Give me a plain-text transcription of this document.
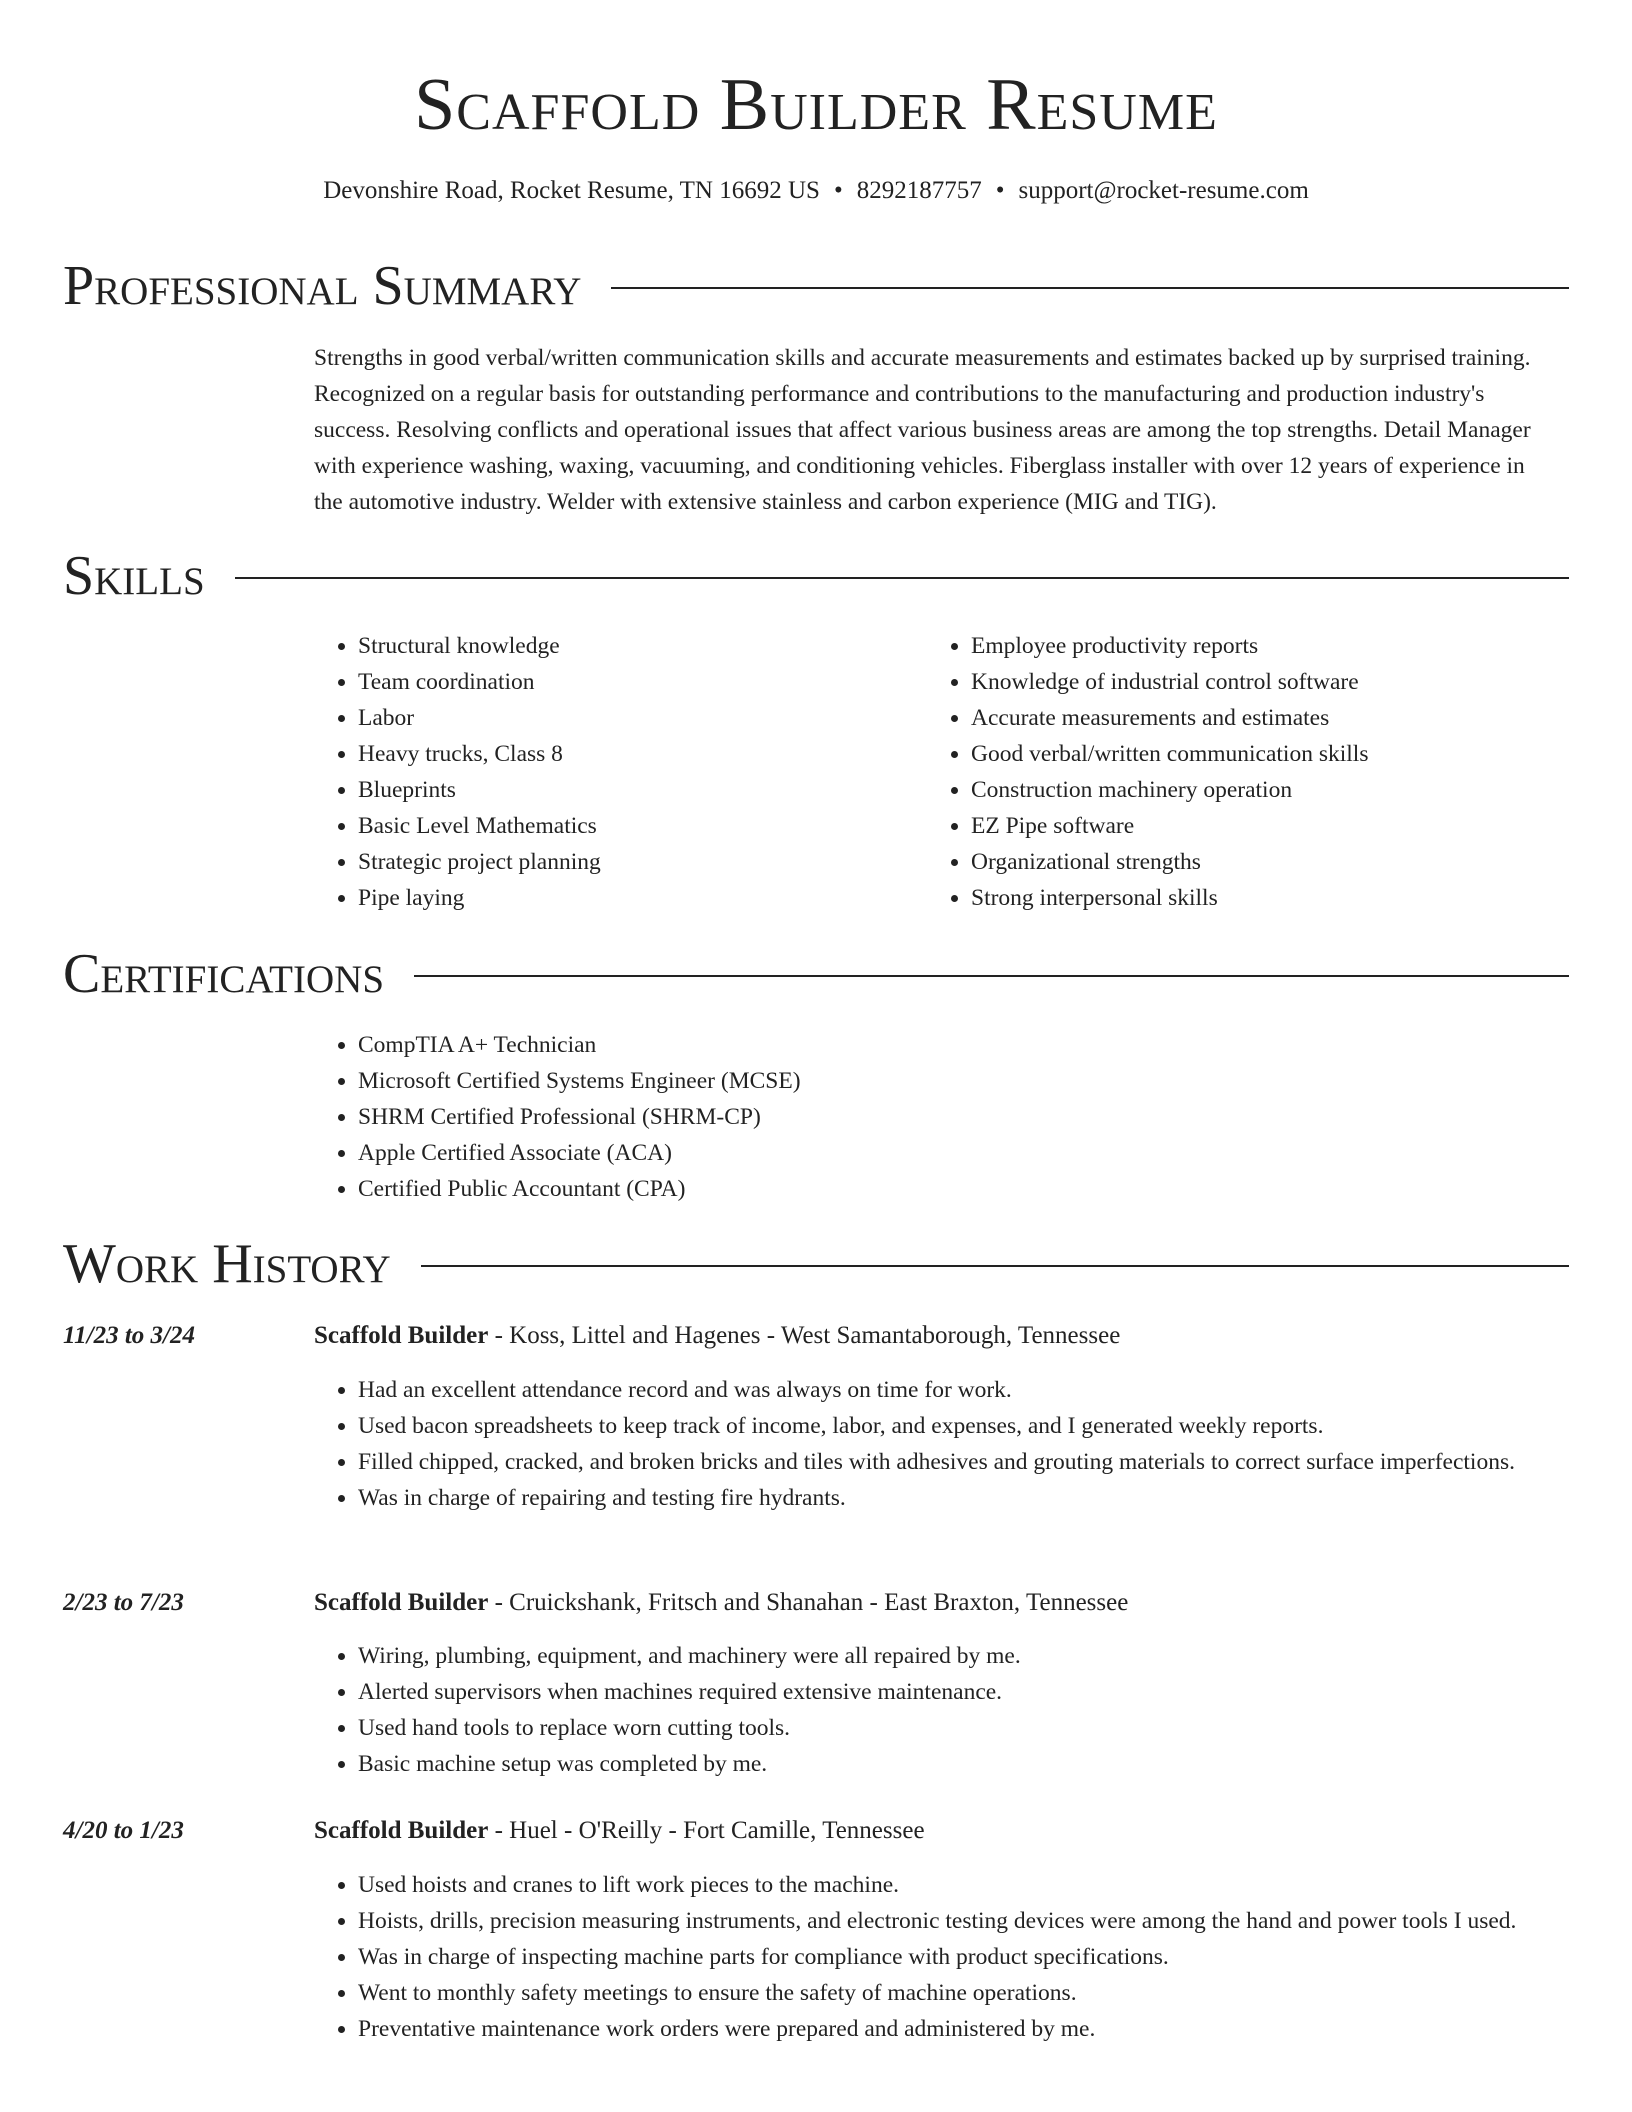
Scaffold Builder Resume
Devonshire Road, Rocket Resume, TN 16692 US • 8292187757 • support@rocket-resume.com
Professional Summary

Strengths in good verbal/written communication skills and accurate measurements and estimates backed up by surprised training. Recognized on a regular basis for outstanding performance and contributions to the manufacturing and production industry's success. Resolving conflicts and operational issues that affect various business areas are among the top strengths. Detail Manager with experience washing, waxing, vacuuming, and conditioning vehicles. Fiberglass installer with over 12 years of experience in the automotive industry. Welder with extensive stainless and carbon experience (MIG and TIG).

Skills
• Structural knowledge
• Team coordination
• Labor
• Heavy trucks, Class 8
• Blueprints
• Basic Level Mathematics
• Strategic project planning
• Pipe laying
• Employee productivity reports
• Knowledge of industrial control software
• Accurate measurements and estimates
• Good verbal/written communication skills
• Construction machinery operation
• EZ Pipe software
• Organizational strengths
• Strong interpersonal skills
Certifications
• CompTIA A+ Technician
• Microsoft Certified Systems Engineer (MCSE)
• SHRM Certified Professional (SHRM-CP)
• Apple Certified Associate (ACA)
• Certified Public Accountant (CPA)
Work History
11/23 to 3/24	Scaffold Builder - Koss, Littel and Hagenes - West Samantaborough, Tennessee
• Had an excellent attendance record and was always on time for work.
• Used bacon spreadsheets to keep track of income, labor, and expenses, and I generated weekly reports.
• Filled chipped, cracked, and broken bricks and tiles with adhesives and grouting materials to correct surface imperfections.
• Was in charge of repairing and testing fire hydrants.
2/23 to 7/23	Scaffold Builder - Cruickshank, Fritsch and Shanahan - East Braxton, Tennessee
• Wiring, plumbing, equipment, and machinery were all repaired by me.
• Alerted supervisors when machines required extensive maintenance.
• Used hand tools to replace worn cutting tools.
• Basic machine setup was completed by me.
4/20 to 1/23	Scaffold Builder - Huel - O'Reilly - Fort Camille, Tennessee
• Used hoists and cranes to lift work pieces to the machine.
• Hoists, drills, precision measuring instruments, and electronic testing devices were among the hand and power tools I used.
• Was in charge of inspecting machine parts for compliance with product specifications.
• Went to monthly safety meetings to ensure the safety of machine operations.
• Preventative maintenance work orders were prepared and administered by me.
